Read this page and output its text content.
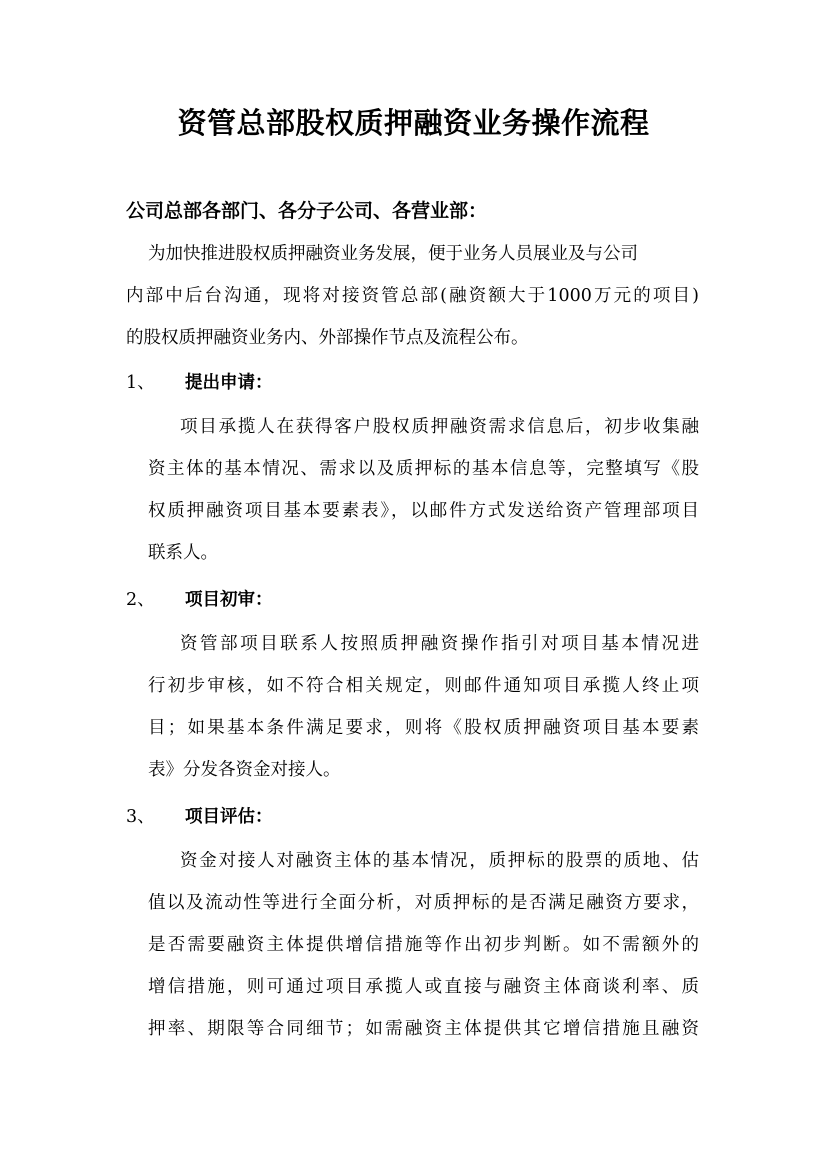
资管总部股权质押融资业务操作流程
公司总部各部门、各分子公司、各营业部：
为加快推进股权质押融资业务发展，便于业务人员展业及与公司
内部中后台沟通，现将对接资管总部(融资额大于1000万元的项目)
的股权质押融资业务内、外部操作节点及流程公布。
1、 提出申请：
项目承揽人在获得客户股权质押融资需求信息后，初步收集融
资主体的基本情况、需求以及质押标的基本信息等，完整填写《股
权质押融资项目基本要素表》，以邮件方式发送给资产管理部项目
联系人。
2、 项目初审：
资管部项目联系人按照质押融资操作指引对项目基本情况进
行初步审核，如不符合相关规定，则邮件通知项目承揽人终止项
目；如果基本条件满足要求，则将《股权质押融资项目基本要素
表》分发各资金对接人。
3、 项目评估：
资金对接人对融资主体的基本情况，质押标的股票的质地、估
值以及流动性等进行全面分析，对质押标的是否满足融资方要求，
是否需要融资主体提供增信措施等作出初步判断。如不需额外的
增信措施，则可通过项目承揽人或直接与融资主体商谈利率、质
押率、期限等合同细节；如需融资主体提供其它增信措施且融资
